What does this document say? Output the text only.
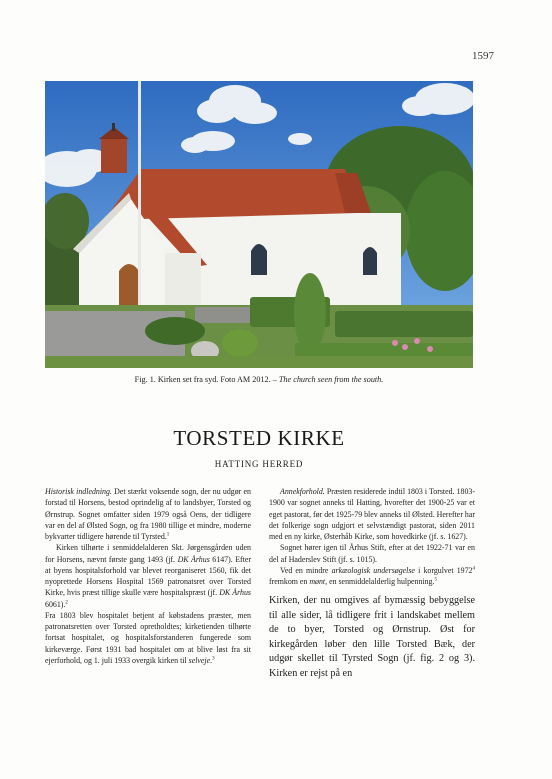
1597
Fig. 1. Kirken set fra syd. Foto AM 2012. – The church seen from the south.
TORSTED KIRKE
HATTING HERRED

Historisk indledning. Det stærkt voksende sogn, der nu udgør en forstad til Horsens, bestod oprindelig af to landsbyer, Torsted og Ørnstrup. Sognet omfatter siden 1979 også Oens, der tidligere var en del af Ølsted Sogn, og fra 1980 tillige et mindre, moderne bykvarter tidligere hørende til Tyrsted.$^1$

Kirken tilhørte i senmiddelalderen Skt. Jørgensgården uden for Horsens, nævnt første gang 1493 (jf. DK Århus 6147). Efter at byens hospitalsforhold var blevet reorganiseret 1560, fik det nyoprettede Horsens Hospital 1569 patronatsret over Torsted Kirke, hvis præst tillige skulle være hospitalspræst (jf. DK Århus 6061).$^2$

Fra 1803 blev hospitalet betjent af købstadens præster, men patronatsretten over Torsted opretholdtes; kirketienden tilhørte fortsat hospitalet, og hospitalsforstanderen fungerede som kirkeværge. Først 1931 bad hospitalet om at blive løst fra sit ejerforhold, og 1. juli 1933 overgik kirken til selveje.$^3$

Annekforhold. Præsten residerede indtil 1803 i Torsted. 1803-1900 var sognet anneks til Hatting, hvorefter det 1900-25 var et eget pastorat, før det 1925-79 blev anneks til Ølsted. Herefter har det folkerige sogn udgjort et selvstændigt pastorat, siden 2011 med en ny kirke, Østerhåb Kirke, som hovedkirke (jf. s. 1627).

Sognet hører igen til Århus Stift, efter at det 1922-71 var en del af Haderslev Stift (jf. s. 1015).

Ved en mindre arkæologisk undersøgelse i korgulvet 1972$^4$ fremkom en mønt, en senmiddelalderlig hulpenning.$^5$

Kirken, der nu omgives af bymæssig bebyggelse til alle sider, lå tidligere frit i landskabet mellem de to byer, Torsted og Ørnstrup. Øst for kirkegården løber den lille Torsted Bæk, der udgør skellet til Tyrsted Sogn (jf. fig. 2 og 3). Kirken er rejst på en
